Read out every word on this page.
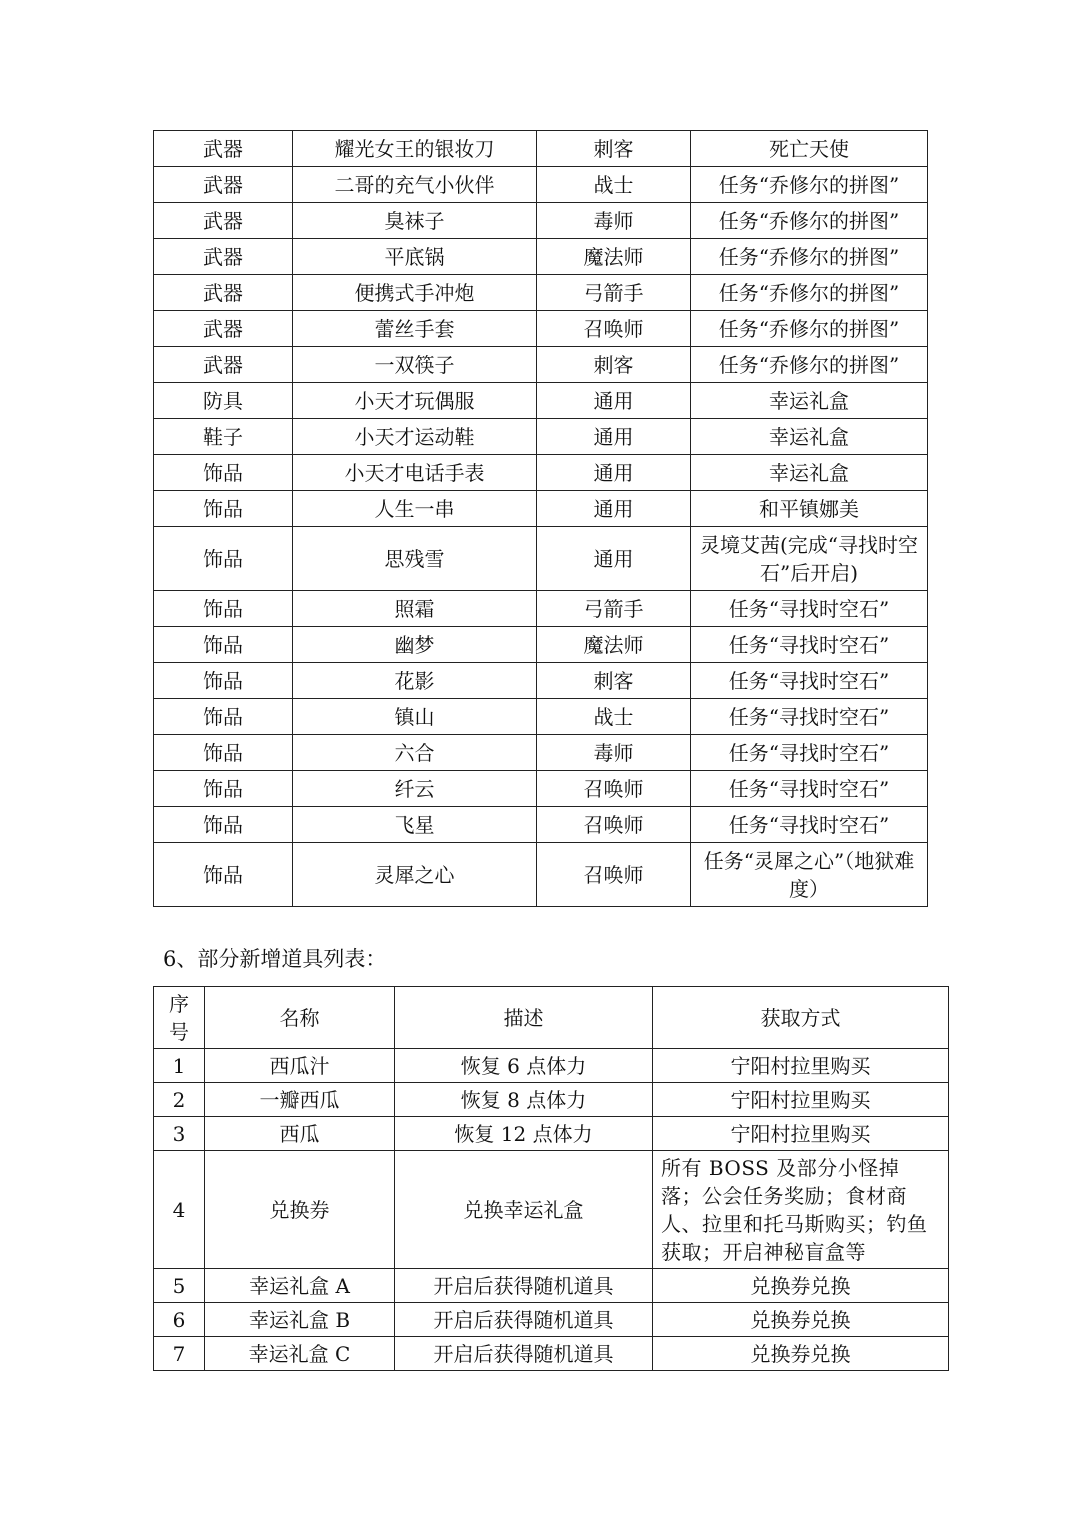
武器	耀光女王的银妆刀	刺客	死亡天使
武器	二哥的充气小伙伴	战士	任务“乔修尔的拼图”
武器	臭袜子	毒师	任务“乔修尔的拼图”
武器	平底锅	魔法师	任务“乔修尔的拼图”
武器	便携式手冲炮	弓箭手	任务“乔修尔的拼图”
武器	蕾丝手套	召唤师	任务“乔修尔的拼图”
武器	一双筷子	刺客	任务“乔修尔的拼图”
防具	小天才玩偶服	通用	幸运礼盒
鞋子	小天才运动鞋	通用	幸运礼盒
饰品	小天才电话手表	通用	幸运礼盒
饰品	人生一串	通用	和平镇娜美
饰品	思残雪	通用	灵境艾茜(完成“寻找时空石”后开启)
饰品	照霜	弓箭手	任务“寻找时空石”
饰品	幽梦	魔法师	任务“寻找时空石”
饰品	花影	刺客	任务“寻找时空石”
饰品	镇山	战士	任务“寻找时空石”
饰品	六合	毒师	任务“寻找时空石”
饰品	纤云	召唤师	任务“寻找时空石”
饰品	飞星	召唤师	任务“寻找时空石”
饰品	灵犀之心	召唤师	任务“灵犀之心”（地狱难度）
6、部分新增道具列表：
序号	名称	描述	获取方式
1	西瓜汁	恢复 6 点体力	宁阳村拉里购买
2	一瓣西瓜	恢复 8 点体力	宁阳村拉里购买
3	西瓜	恢复 12 点体力	宁阳村拉里购买
4	兑换券	兑换幸运礼盒	所有 BOSS 及部分小怪掉落；公会任务奖励；食材商人、拉里和托马斯购买；钓鱼获取；开启神秘盲盒等
5	幸运礼盒 A	开启后获得随机道具	兑换券兑换
6	幸运礼盒 B	开启后获得随机道具	兑换券兑换
7	幸运礼盒 C	开启后获得随机道具	兑换券兑换
